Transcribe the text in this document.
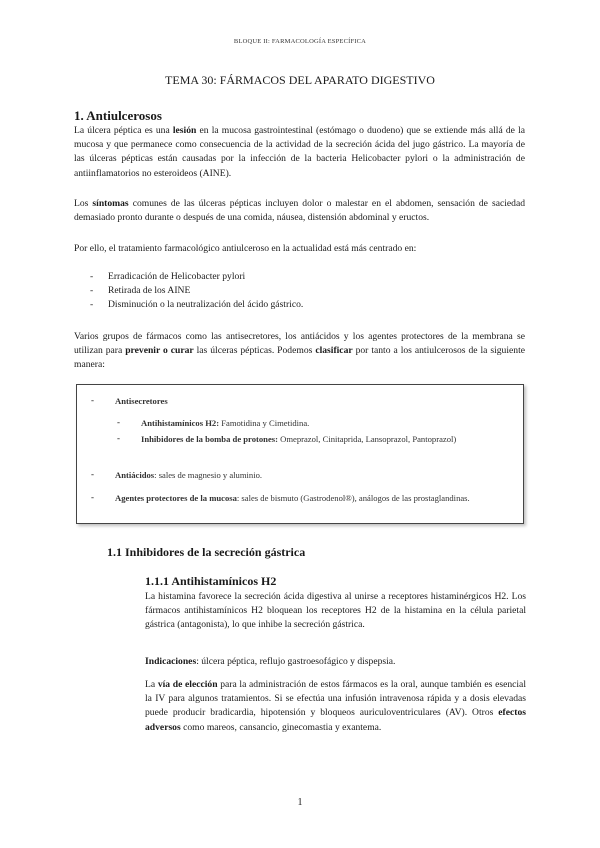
BLOQUE II: FARMACOLOGÍA ESPECÍFICA
TEMA 30: FÁRMACOS DEL APARATO DIGESTIVO
1. Antiulcerosos

La úlcera péptica es una lesión en la mucosa gastrointestinal (estómago o duodeno) que se extiende más allá de la mucosa y que permanece como consecuencia de la actividad de la secreción ácida del jugo gástrico. La mayoría de las úlceras pépticas están causadas por la infección de la bacteria Helicobacter pylori o la administración de antiinflamatorios no esteroideos (AINE).

Los síntomas comunes de las úlceras pépticas incluyen dolor o malestar en el abdomen, sensación de saciedad demasiado pronto durante o después de una comida, náusea, distensión abdominal y eructos.

Por ello, el tratamiento farmacológico antiulceroso en la actualidad está más centrado en:

- Erradicación de Helicobacter pylori
- Retirada de los AINE
- Disminución o la neutralización del ácido gástrico.

Varios grupos de fármacos como las antisecretores, los antiácidos y los agentes protectores de la membrana se utilizan para prevenir o curar las úlceras pépticas. Podemos clasificar por tanto a los antiulcerosos de la siguiente manera:

- Antisecretores
- Antihistamínicos H2: Famotidina y Cimetidina.
- Inhibidores de la bomba de protones: Omeprazol, Cinitaprida, Lansoprazol, Pantoprazol)
- Antiácidos: sales de magnesio y aluminio.
- Agentes protectores de la mucosa: sales de bismuto (Gastrodenol®), análogos de las prostaglandinas.
1.1 Inhibidores de la secreción gástrica
1.1.1 Antihistamínicos H2

La histamina favorece la secreción ácida digestiva al unirse a receptores histaminérgicos H2. Los fármacos antihistamínicos H2 bloquean los receptores H2 de la histamina en la célula parietal gástrica (antagonista), lo que inhibe la secreción gástrica.

Indicaciones: úlcera péptica, reflujo gastroesofágico y dispepsia.

La vía de elección para la administración de estos fármacos es la oral, aunque también es esencial la IV para algunos tratamientos. Si se efectúa una infusión intravenosa rápida y a dosis elevadas puede producir bradicardia, hipotensión y bloqueos auriculoventriculares (AV). Otros efectos adversos como mareos, cansancio, ginecomastia y exantema.

1
